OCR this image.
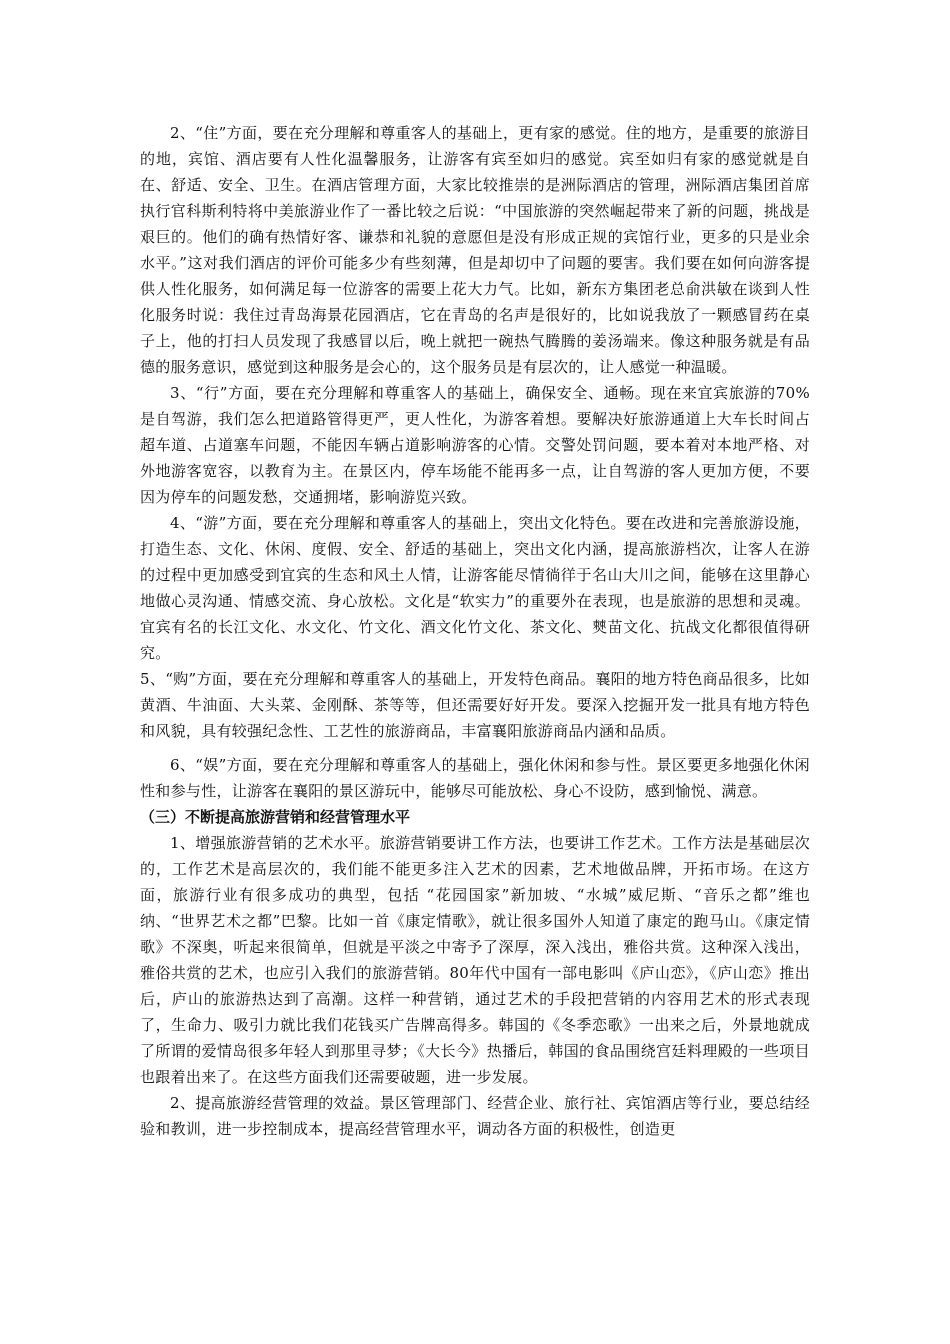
2、“住”方面，要在充分理解和尊重客人的基础上，更有家的感觉。住的地方，是重要的旅游目的地，宾馆、酒店要有人性化温馨服务，让游客有宾至如归的感觉。宾至如归有家的感觉就是自在、舒适、安全、卫生。在酒店管理方面，大家比较推崇的是洲际酒店的管理，洲际酒店集团首席执行官科斯利特将中美旅游业作了一番比较之后说：“中国旅游的突然崛起带来了新的问题，挑战是艰巨的。他们的确有热情好客、谦恭和礼貌的意愿但是没有形成正规的宾馆行业，更多的只是业余水平。”这对我们酒店的评价可能多少有些刻薄，但是却切中了问题的要害。我们要在如何向游客提供人性化服务，如何满足每一位游客的需要上花大力气。比如，新东方集团老总俞洪敏在谈到人性化服务时说：我住过青岛海景花园酒店，它在青岛的名声是很好的，比如说我放了一颗感冒药在桌子上，他的打扫人员发现了我感冒以后，晚上就把一碗热气腾腾的姜汤端来。像这种服务就是有品德的服务意识，感觉到这种服务是会心的，这个服务员是有层次的，让人感觉一种温暖。

3、“行”方面，要在充分理解和尊重客人的基础上，确保安全、通畅。现在来宜宾旅游的70%是自驾游，我们怎么把道路管得更严，更人性化，为游客着想。要解决好旅游通道上大车长时间占超车道、占道塞车问题，不能因车辆占道影响游客的心情。交警处罚问题，要本着对本地严格、对外地游客宽容，以教育为主。在景区内，停车场能不能再多一点，让自驾游的客人更加方便，不要因为停车的问题发愁，交通拥堵，影响游览兴致。

4、“游”方面，要在充分理解和尊重客人的基础上，突出文化特色。要在改进和完善旅游设施，打造生态、文化、休闲、度假、安全、舒适的基础上，突出文化内涵，提高旅游档次，让客人在游的过程中更加感受到宜宾的生态和风土人情，让游客能尽情徜徉于名山大川之间，能够在这里静心地做心灵沟通、情感交流、身心放松。文化是“软实力”的重要外在表现，也是旅游的思想和灵魂。宜宾有名的长江文化、水文化、竹文化、酒文化竹文化、茶文化、僰苗文化、抗战文化都很值得研究。

5、“购”方面，要在充分理解和尊重客人的基础上，开发特色商品。襄阳的地方特色商品很多，比如黄酒、牛油面、大头菜、金刚酥、茶等等，但还需要好好开发。要深入挖掘开发一批具有地方特色和风貌，具有较强纪念性、工艺性的旅游商品，丰富襄阳旅游商品内涵和品质。

6、“娱”方面，要在充分理解和尊重客人的基础上，强化休闲和参与性。景区要更多地强化休闲性和参与性，让游客在襄阳的景区游玩中，能够尽可能放松、身心不设防，感到愉悦、满意。

（三）不断提高旅游营销和经营管理水平

1、增强旅游营销的艺术水平。旅游营销要讲工作方法，也要讲工作艺术。工作方法是基础层次的，工作艺术是高层次的，我们能不能更多注入艺术的因素，艺术地做品牌，开拓市场。在这方面，旅游行业有很多成功的典型，包括 “花园国家”新加坡、“水城”威尼斯、“音乐之都”维也纳、“世界艺术之都”巴黎。比如一首《康定情歌》，就让很多国外人知道了康定的跑马山。《康定情歌》不深奥，听起来很简单，但就是平淡之中寄予了深厚，深入浅出，雅俗共赏。这种深入浅出，雅俗共赏的艺术，也应引入我们的旅游营销。80年代中国有一部电影叫《庐山恋》，《庐山恋》推出后，庐山的旅游热达到了高潮。这样一种营销，通过艺术的手段把营销的内容用艺术的形式表现了，生命力、吸引力就比我们花钱买广告牌高得多。韩国的《冬季恋歌》一出来之后，外景地就成了所谓的爱情岛很多年轻人到那里寻梦；《大长今》热播后，韩国的食品围绕宫廷料理殿的一些项目也跟着出来了。在这些方面我们还需要破题，进一步发展。

2、提高旅游经营管理的效益。景区管理部门、经营企业、旅行社、宾馆酒店等行业，要总结经验和教训，进一步控制成本，提高经营管理水平，调动各方面的积极性，创造更
